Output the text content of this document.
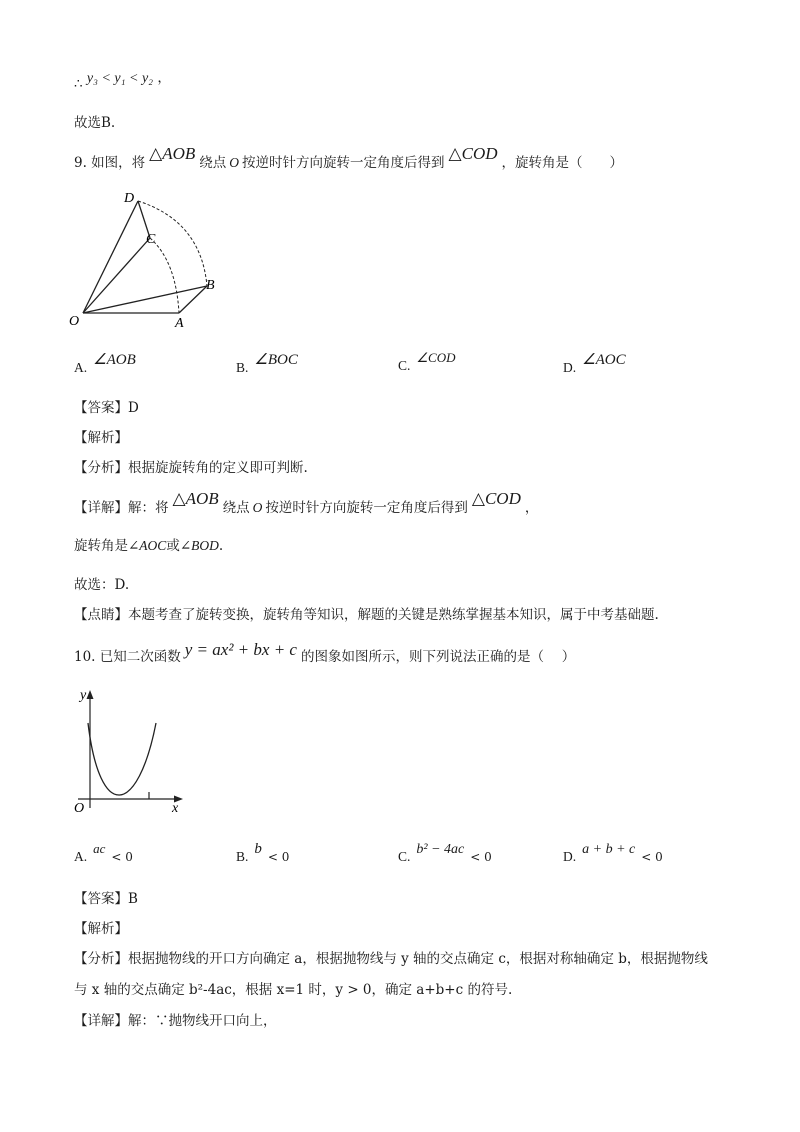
∴ y₃ < y₁ < y₂ ，
故选B.
9. 如图，将 △AOB 绕点 O 按逆时针方向旋转一定角度后得到 △COD ，旋转角是（　　）
D
C
B
O	A
A. ∠AOB	B. ∠BOC	C.∠COD
D. ∠AOC
【答案】D
【解析】
【分析】根据旋旋转角的定义即可判断.
【详解】解：将 △AOB 绕点 O 按逆时针方向旋转一定角度后得到 △COD ，
旋转角是∠AOC或∠BOD.
故选：D.
【点睛】本题考查了旋转变换，旋转角等知识，解题的关键是熟练掌握基本知识，属于中考基础题.
10. 已知二次函数 y = ax² + bx + c 的图象如图所示，则下列说法正确的是（　 ）
y
O	x
A.ac< 0	B. b < 0	C. b² − 4ac < 0	D. a + b + c < 0
【答案】B
【解析】
【分析】根据抛物线的开口方向确定 a，根据抛物线与 y 轴的交点确定 c，根据对称轴确定 b，根据抛物线
与 x 轴的交点确定 b²-4ac，根据 x=1 时，y > 0，确定 a+b+c 的符号.
【详解】解：∵抛物线开口向上，
